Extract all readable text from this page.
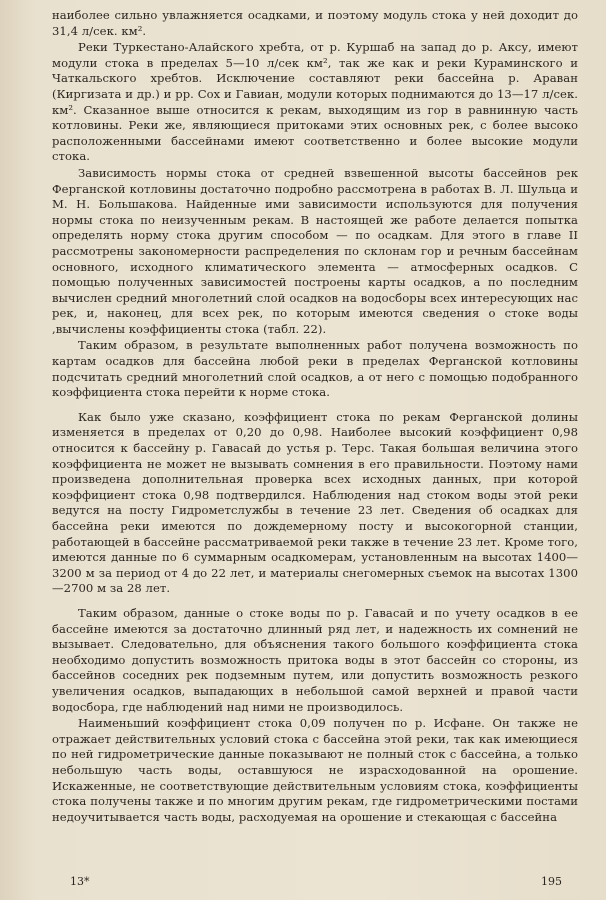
наиболее сильно увлажняется осадками, и поэтому модуль стока у ней доходит до 31,4 л/сек. км².

Реки Туркестано-Алайского хребта, от р. Куршаб на запад до р. Аксу, имеют модули стока в пределах 5—10 л/сек км², так же как и реки Кураминского и Чаткальского хребтов. Исключение составляют реки бассейна р. Араван (Киргизата и др.) и рр. Сох и Гавиан, модули которых поднимаются до 13—17 л/сек. км². Сказанное выше относится к рекам, выходящим из гор в равнинную часть котловины. Реки же, являющиеся притоками этих основных рек, с более высоко расположенными бассейнами имеют соответственно и более высокие модули стока.

Зависимость нормы стока от средней взвешенной высоты бассейнов рек Ферганской котловины достаточно подробно рассмотрена в работах В. Л. Шульца и М. Н. Большакова. Найденные ими зависимости используются для получения нормы стока по неизученным рекам. В настоящей же работе делается попытка определять норму стока другим способом — по осадкам. Для этого в главе II рассмотрены закономерности распределения по склонам гор и речным бассейнам основного, исходного климатического элемента — атмосферных осадков. С помощью полученных зависимостей построены карты осадков, а по последним вычислен средний многолетний слой осадков на водосборы всех интересующих нас рек, и, наконец, для всех рек, по которым имеются сведения о стоке воды ,вычислены коэффициенты стока (табл. 22).

Таким образом, в результате выполненных работ получена возможность по картам осадков для бассейна любой реки в пределах Ферганской котловины подсчитать средний многолетний слой осадков, а от него с помощью подобранного коэффициента стока перейти к норме стока.

Как было уже сказано, коэффициент стока по рекам Ферганской долины изменяется в пределах от 0,20 до 0,98. Наиболее высокий коэффициент 0,98 относится к бассейну р. Гавасай до устья р. Терс. Такая большая величина этого коэффициента не может не вызывать сомнения в его правильности. Поэтому нами произведена дополнительная проверка всех исходных данных, при которой коэффициент стока 0,98 подтвердился. Наблюдения над стоком воды этой реки ведутся на посту Гидрометслужбы в течение 23 лет. Сведения об осадках для бассейна реки имеются по дождемерному посту и высокогорной станции, работающей в бассейне рассматриваемой реки также в течение 23 лет. Кроме того, имеются данные по 6 суммарным осадкомерам, установленным на высотах 1400—3200 м за период от 4 до 22 лет, и материалы снегомерных съемок на высотах 1300—2700 м за 28 лет.

Таким образом, данные о стоке воды по р. Гавасай и по учету осадков в ее бассейне имеются за достаточно длинный ряд лет, и надежность их сомнений не вызывает. Следовательно, для объяснения такого большого коэффициента стока необходимо допустить возможность притока воды в этот бассейн со стороны, из бассейнов соседних рек подземным путем, или допустить возможность резкого увеличения осадков, выпадающих в небольшой самой верхней и правой части водосбора, где наблюдений над ними не производилось.

Наименьший коэффициент стока 0,09 получен по р. Исфане. Он также не отражает действительных условий стока с бассейна этой реки, так как имеющиеся по ней гидрометрические данные показывают не полный сток с бассейна, а только небольшую часть воды, оставшуюся не израсходованной на орошение. Искаженные, не соответствующие действительным условиям стока, коэффициенты стока получены также и по многим другим рекам, где гидрометрическими постами недоучитывается часть воды, расходуемая на орошение и стекающая с бассейна

13*	195
